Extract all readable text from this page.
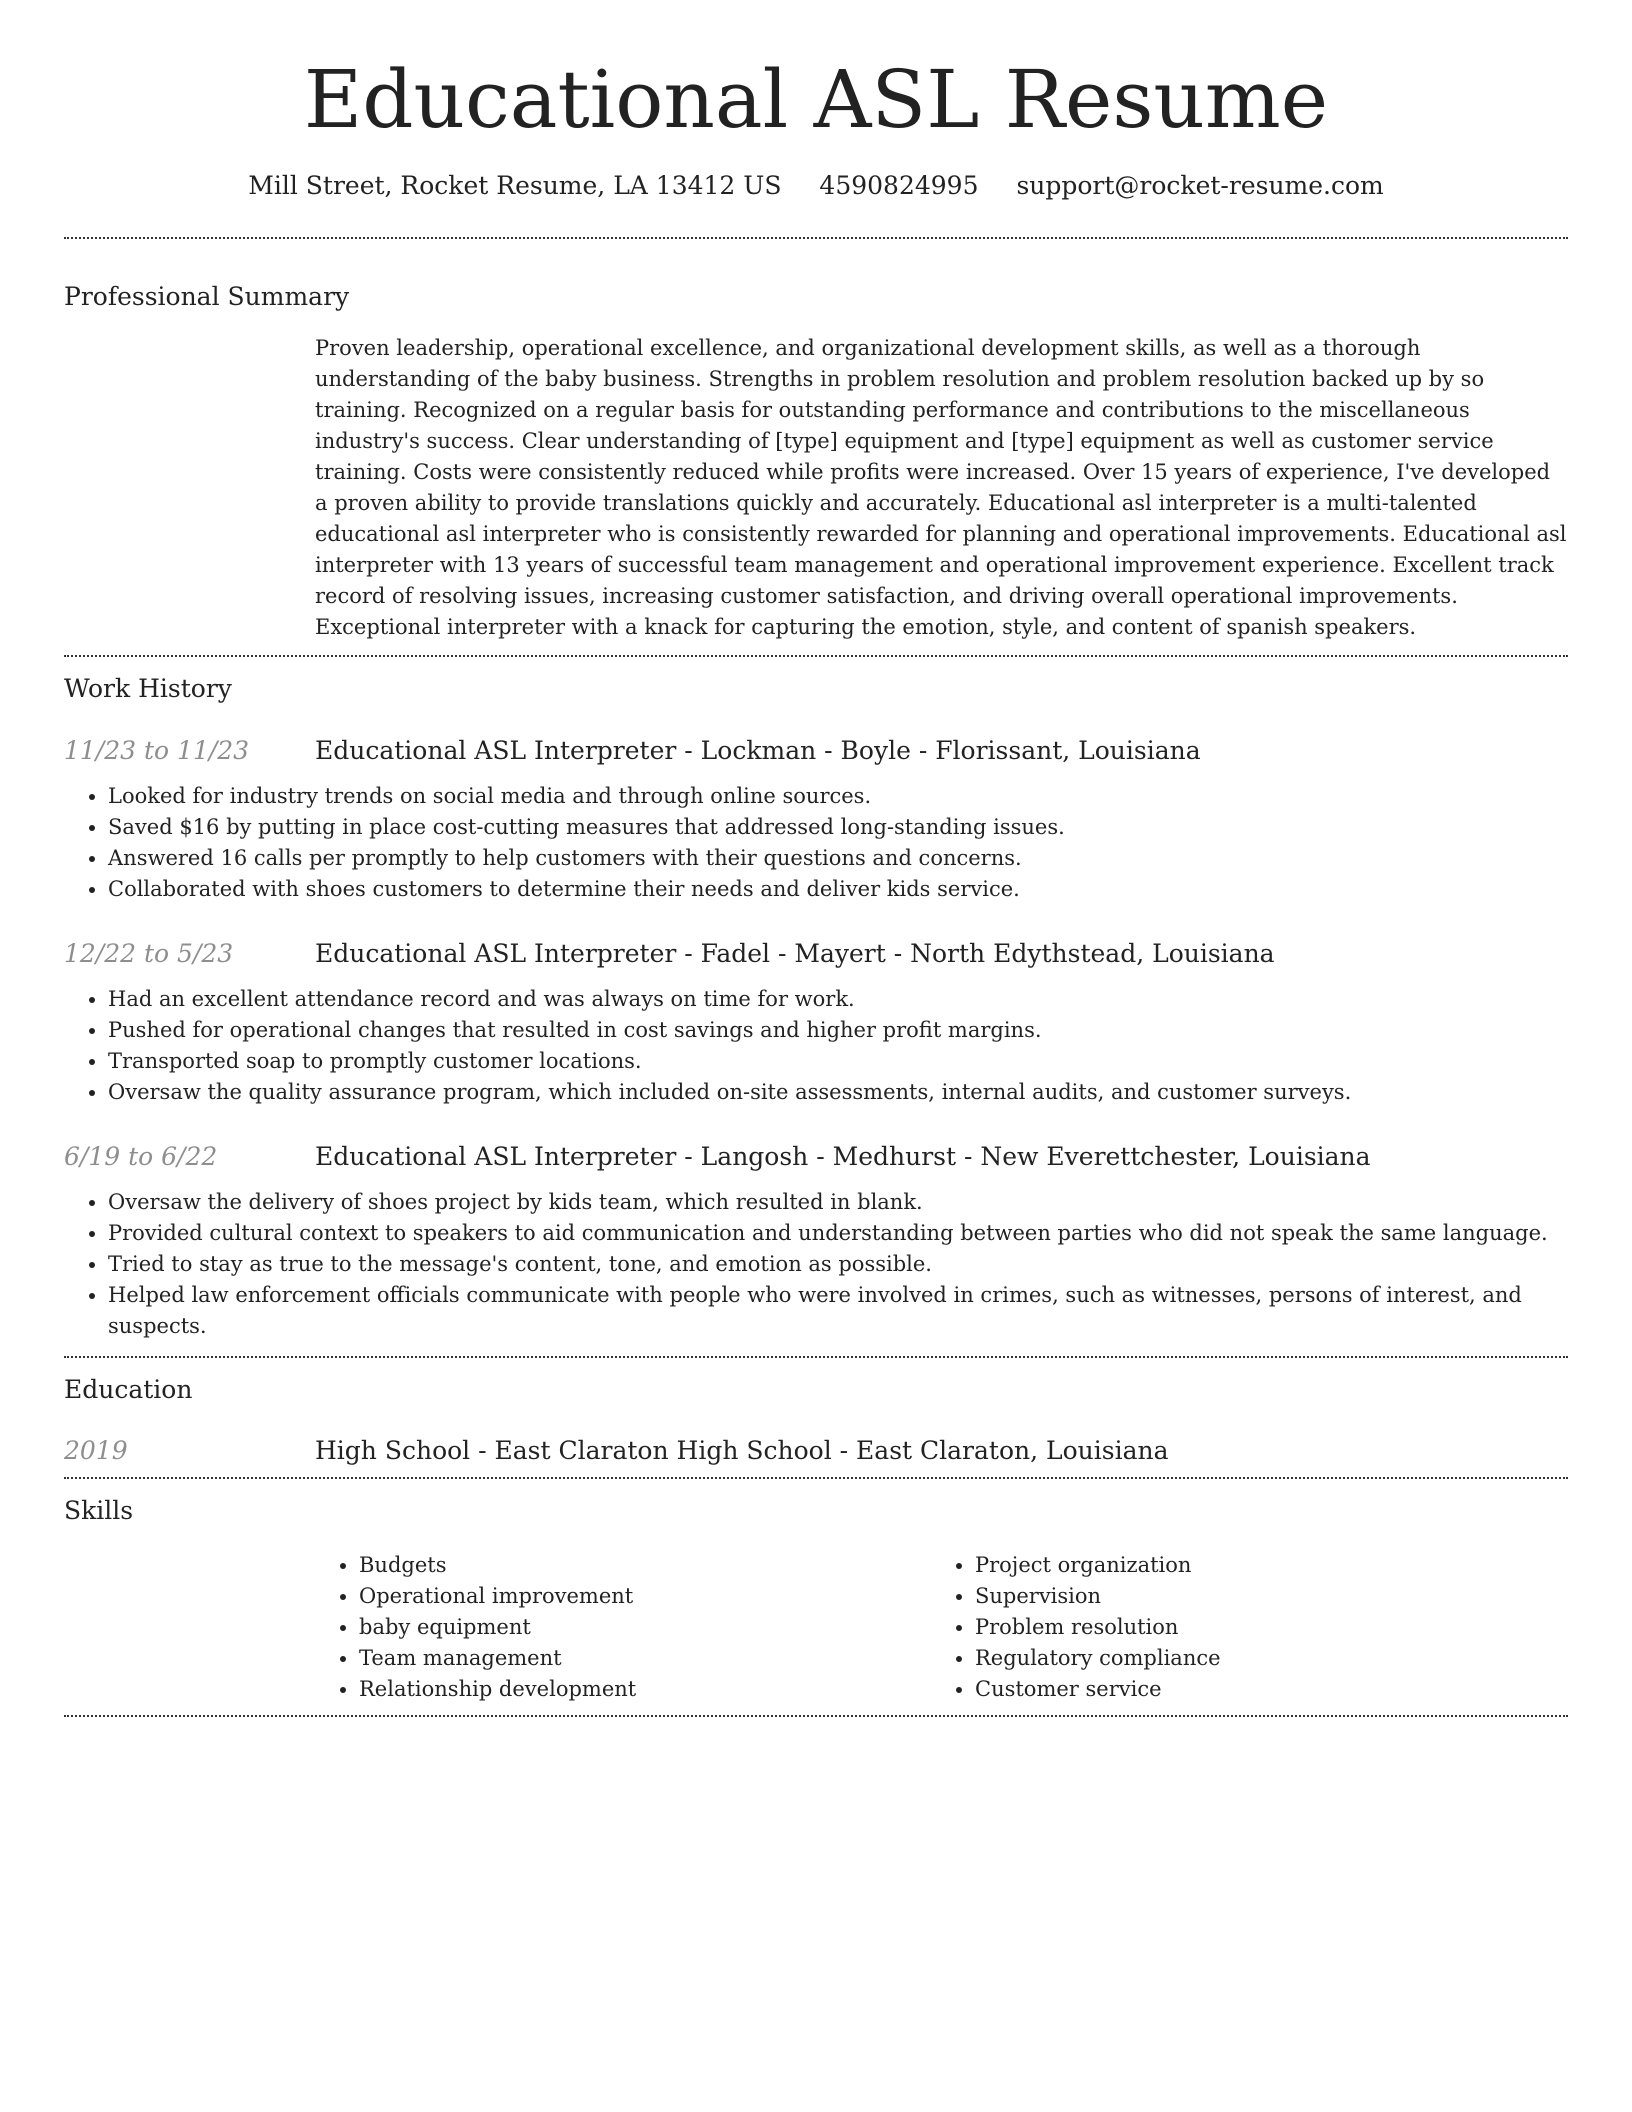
Educational ASL Resume
Mill Street, Rocket Resume, LA 13412 US 4590824995 support@rocket-resume.com
Professional Summary
Proven leadership, operational excellence, and organizational development skills, as well as a thorough understanding of the baby business. Strengths in problem resolution and problem resolution backed up by so training. Recognized on a regular basis for outstanding performance and contributions to the miscellaneous industry's success. Clear understanding of [type] equipment and [type] equipment as well as customer service training. Costs were consistently reduced while profits were increased. Over 15 years of experience, I've developed a proven ability to provide translations quickly and accurately. Educational asl interpreter is a multi-talented educational asl interpreter who is consistently rewarded for planning and operational improvements. Educational asl interpreter with 13 years of successful team management and operational improvement experience. Excellent track record of resolving issues, increasing customer satisfaction, and driving overall operational improvements. Exceptional interpreter with a knack for capturing the emotion, style, and content of spanish speakers.
Work History
11/23 to 11/23	Educational ASL Interpreter - Lockman - Boyle - Florissant, Louisiana
• Looked for industry trends on social media and through online sources.
• Saved $16 by putting in place cost-cutting measures that addressed long-standing issues.
• Answered 16 calls per promptly to help customers with their questions and concerns.
• Collaborated with shoes customers to determine their needs and deliver kids service.
12/22 to 5/23	Educational ASL Interpreter - Fadel - Mayert - North Edythstead, Louisiana
• Had an excellent attendance record and was always on time for work.
• Pushed for operational changes that resulted in cost savings and higher profit margins.
• Transported soap to promptly customer locations.
• Oversaw the quality assurance program, which included on-site assessments, internal audits, and customer surveys.
6/19 to 6/22	Educational ASL Interpreter - Langosh - Medhurst - New Everettchester, Louisiana
• Oversaw the delivery of shoes project by kids team, which resulted in blank.
• Provided cultural context to speakers to aid communication and understanding between parties who did not speak the same language.
• Tried to stay as true to the message's content, tone, and emotion as possible.
• Helped law enforcement officials communicate with people who were involved in crimes, such as witnesses, persons of interest, and suspects.
Education
2019	High School - East Claraton High School - East Claraton, Louisiana
Skills
• Budgets
• Operational improvement
• baby equipment
• Team management
• Relationship development
• Project organization
• Supervision
• Problem resolution
• Regulatory compliance
• Customer service
